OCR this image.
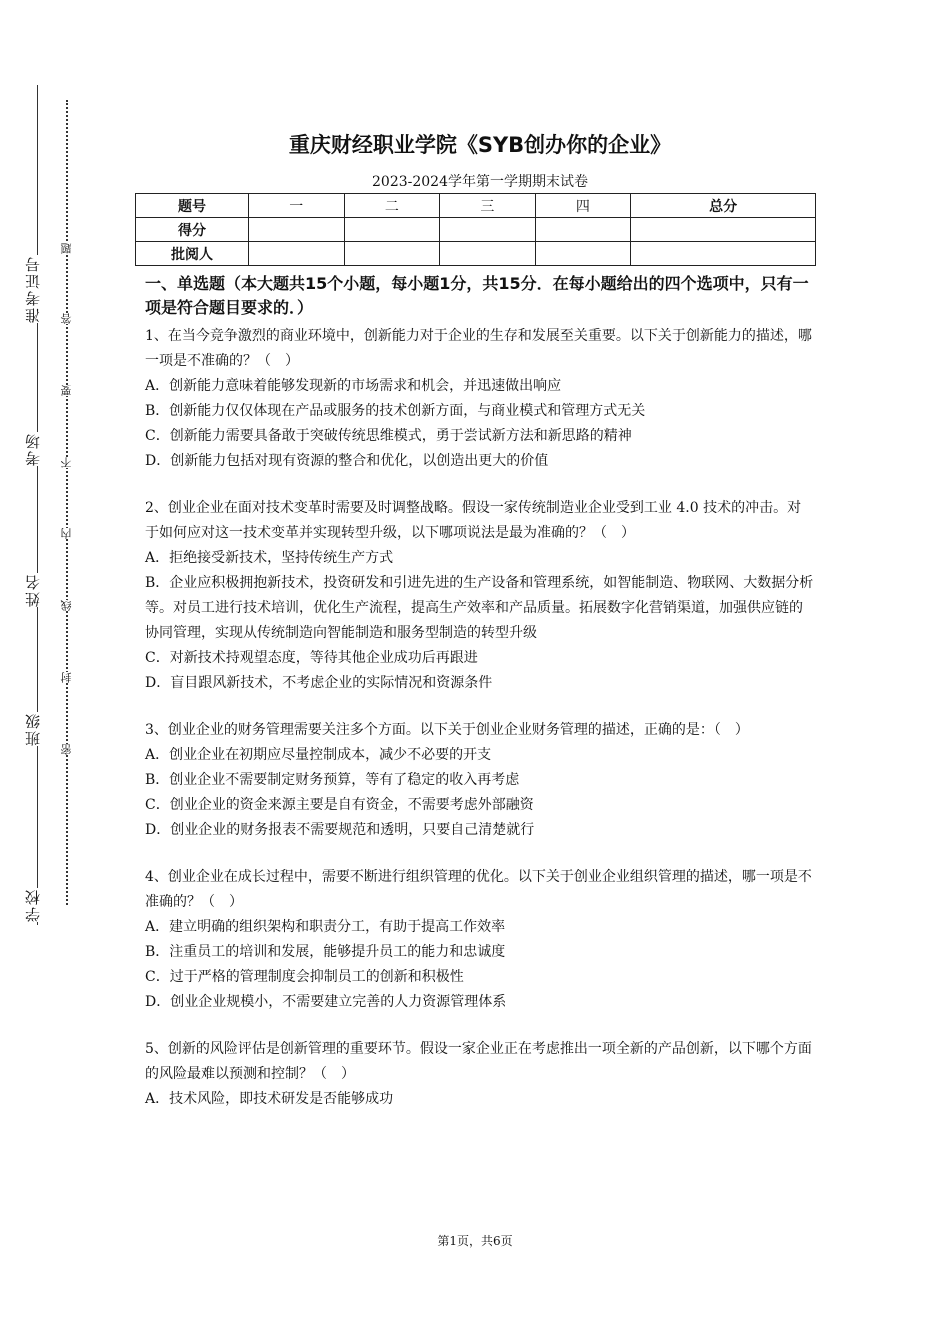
准考证号
考场
姓名
班级
学校
题
答
要
不
内
线
封
密
重庆财经职业学院《SYB创办你的企业》
2023-2024学年第一学期期末试卷
题号	一	二	三	四	总分
得分					
批阅人					

一、单选题（本大题共15个小题，每小题1分，共15分．在每小题给出的四个选项中，只有一项是符合题目要求的．）

1、在当今竞争激烈的商业环境中，创新能力对于企业的生存和发展至关重要。以下关于创新能力的描述，哪一项是不准确的？（　）

A．创新能力意味着能够发现新的市场需求和机会，并迅速做出响应

B．创新能力仅仅体现在产品或服务的技术创新方面，与商业模式和管理方式无关

C．创新能力需要具备敢于突破传统思维模式，勇于尝试新方法和新思路的精神

D．创新能力包括对现有资源的整合和优化，以创造出更大的价值

2、创业企业在面对技术变革时需要及时调整战略。假设一家传统制造业企业受到工业 4.0 技术的冲击。对于如何应对这一技术变革并实现转型升级，以下哪项说法是最为准确的？（　）

A．拒绝接受新技术，坚持传统生产方式

B．企业应积极拥抱新技术，投资研发和引进先进的生产设备和管理系统，如智能制造、物联网、大数据分析等。对员工进行技术培训，优化生产流程，提高生产效率和产品质量。拓展数字化营销渠道，加强供应链的协同管理，实现从传统制造向智能制造和服务型制造的转型升级

C．对新技术持观望态度，等待其他企业成功后再跟进

D．盲目跟风新技术，不考虑企业的实际情况和资源条件

3、创业企业的财务管理需要关注多个方面。以下关于创业企业财务管理的描述，正确的是：（　）

A．创业企业在初期应尽量控制成本，减少不必要的开支

B．创业企业不需要制定财务预算，等有了稳定的收入再考虑

C．创业企业的资金来源主要是自有资金，不需要考虑外部融资

D．创业企业的财务报表不需要规范和透明，只要自己清楚就行

4、创业企业在成长过程中，需要不断进行组织管理的优化。以下关于创业企业组织管理的描述，哪一项是不准确的？（　）

A．建立明确的组织架构和职责分工，有助于提高工作效率

B．注重员工的培训和发展，能够提升员工的能力和忠诚度

C．过于严格的管理制度会抑制员工的创新和积极性

D．创业企业规模小，不需要建立完善的人力资源管理体系

5、创新的风险评估是创新管理的重要环节。假设一家企业正在考虑推出一项全新的产品创新，以下哪个方面的风险最难以预测和控制？（　）

A．技术风险，即技术研发是否能够成功

第1页，共6页
